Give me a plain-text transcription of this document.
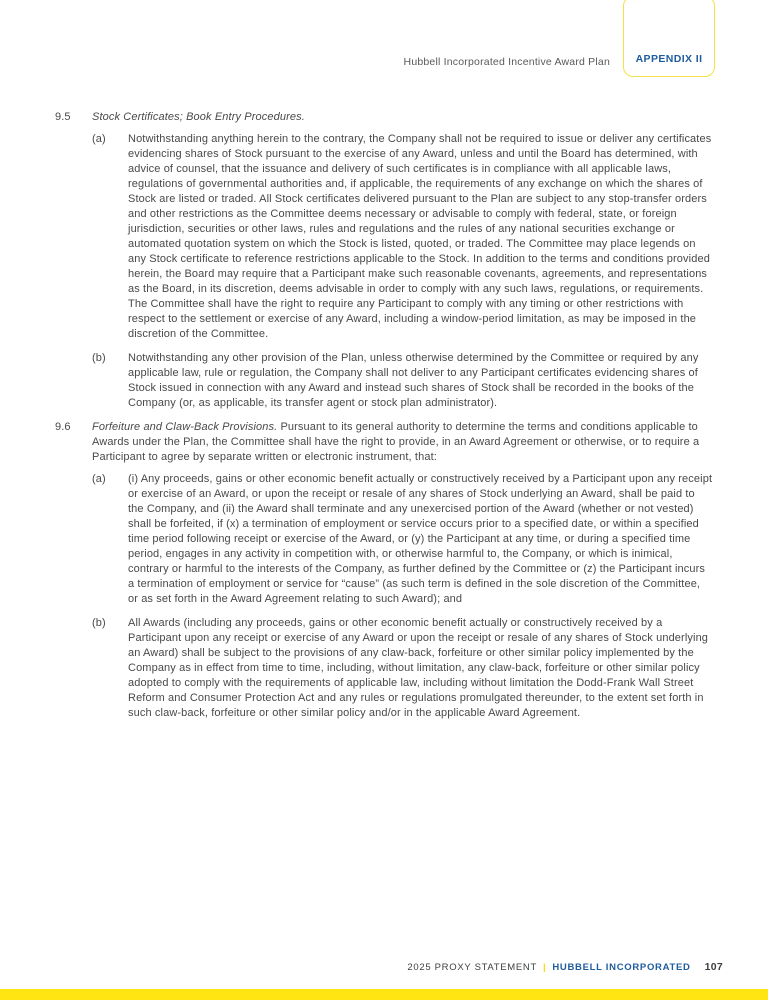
APPENDIX II
Hubbell Incorporated Incentive Award Plan
9.5	Stock Certificates; Book Entry Procedures.
(a)	Notwithstanding anything herein to the contrary, the Company shall not be required to issue or deliver any certificates evidencing shares of Stock pursuant to the exercise of any Award, unless and until the Board has determined, with advice of counsel, that the issuance and delivery of such certificates is in compliance with all applicable laws, regulations of governmental authorities and, if applicable, the requirements of any exchange on which the shares of Stock are listed or traded. All Stock certificates delivered pursuant to the Plan are subject to any stop-transfer orders and other restrictions as the Committee deems necessary or advisable to comply with federal, state, or foreign jurisdiction, securities or other laws, rules and regulations and the rules of any national securities exchange or automated quotation system on which the Stock is listed, quoted, or traded. The Committee may place legends on any Stock certificate to reference restrictions applicable to the Stock. In addition to the terms and conditions provided herein, the Board may require that a Participant make such reasonable covenants, agreements, and representations as the Board, in its discretion, deems advisable in order to comply with any such laws, regulations, or requirements. The Committee shall have the right to require any Participant to comply with any timing or other restrictions with respect to the settlement or exercise of any Award, including a window-period limitation, as may be imposed in the discretion of the Committee.
(b)	Notwithstanding any other provision of the Plan, unless otherwise determined by the Committee or required by any applicable law, rule or regulation, the Company shall not deliver to any Participant certificates evidencing shares of Stock issued in connection with any Award and instead such shares of Stock shall be recorded in the books of the Company (or, as applicable, its transfer agent or stock plan administrator).
9.6	Forfeiture and Claw-Back Provisions. Pursuant to its general authority to determine the terms and conditions applicable to Awards under the Plan, the Committee shall have the right to provide, in an Award Agreement or otherwise, or to require a Participant to agree by separate written or electronic instrument, that:
(a)	(i) Any proceeds, gains or other economic benefit actually or constructively received by a Participant upon any receipt or exercise of an Award, or upon the receipt or resale of any shares of Stock underlying an Award, shall be paid to the Company, and (ii) the Award shall terminate and any unexercised portion of the Award (whether or not vested) shall be forfeited, if (x) a termination of employment or service occurs prior to a specified date, or within a specified time period following receipt or exercise of the Award, or (y) the Participant at any time, or during a specified time period, engages in any activity in competition with, or otherwise harmful to, the Company, or which is inimical, contrary or harmful to the interests of the Company, as further defined by the Committee or (z) the Participant incurs a termination of employment or service for “cause” (as such term is defined in the sole discretion of the Committee, or as set forth in the Award Agreement relating to such Award); and
(b)	All Awards (including any proceeds, gains or other economic benefit actually or constructively received by a Participant upon any receipt or exercise of any Award or upon the receipt or resale of any shares of Stock underlying an Award) shall be subject to the provisions of any claw-back, forfeiture or other similar policy implemented by the Company as in effect from time to time, including, without limitation, any claw-back, forfeiture or other similar policy adopted to comply with the requirements of applicable law, including without limitation the Dodd-Frank Wall Street Reform and Consumer Protection Act and any rules or regulations promulgated thereunder, to the extent set forth in such claw-back, forfeiture or other similar policy and/or in the applicable Award Agreement.
2025 PROXY STATEMENT | HUBBELL INCORPORATED 107
